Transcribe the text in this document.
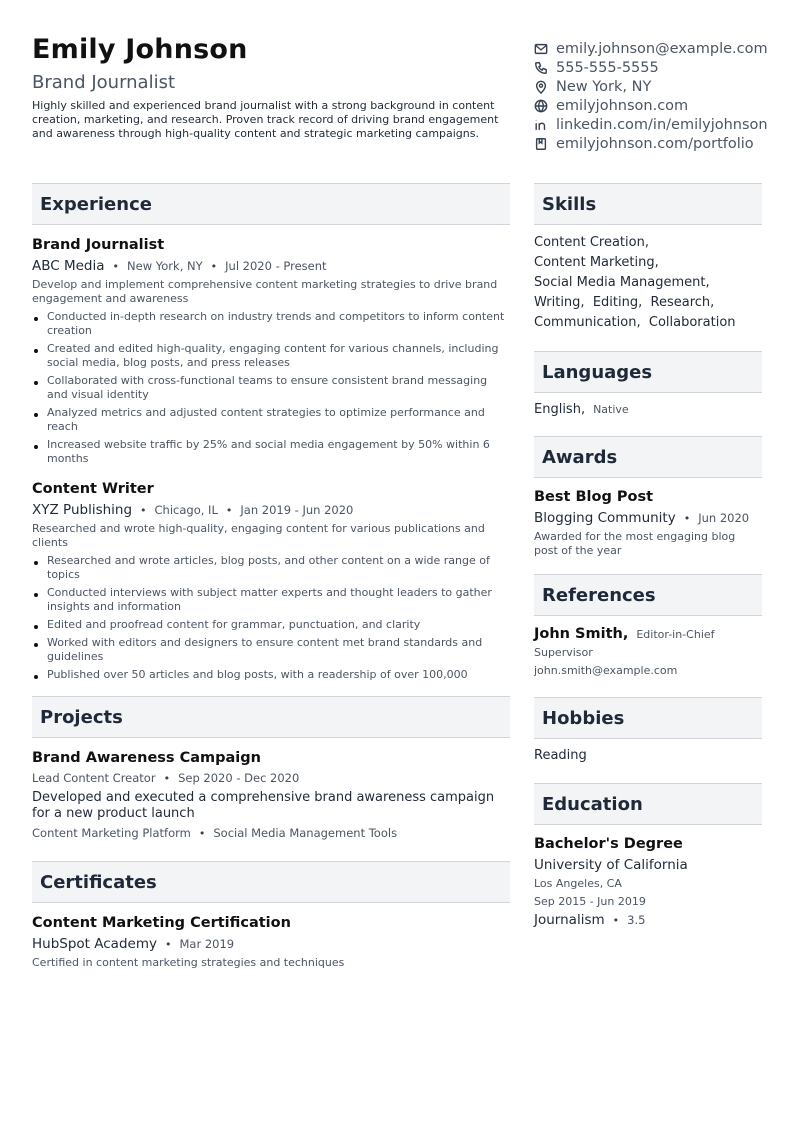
Emily Johnson
Brand Journalist
Highly skilled and experienced brand journalist with a strong background in content creation, marketing, and research. Proven track record of driving brand engagement and awareness through high-quality content and strategic marketing campaigns.
emily.johnson@example.com
555-555-5555
New York, NY
emilyjohnson.com
linkedin.com/in/emilyjohnson
emilyjohnson.com/portfolio
Experience
Brand Journalist
ABC Media • New York, NY • Jul 2020 - Present
Develop and implement comprehensive content marketing strategies to drive brand engagement and awareness
Conducted in-depth research on industry trends and competitors to inform content creation
Created and edited high-quality, engaging content for various channels, including social media, blog posts, and press releases
Collaborated with cross-functional teams to ensure consistent brand messaging and visual identity
Analyzed metrics and adjusted content strategies to optimize performance and reach
Increased website traffic by 25% and social media engagement by 50% within 6 months
Content Writer
XYZ Publishing • Chicago, IL • Jan 2019 - Jun 2020
Researched and wrote high-quality, engaging content for various publications and clients
Researched and wrote articles, blog posts, and other content on a wide range of topics
Conducted interviews with subject matter experts and thought leaders to gather insights and information
Edited and proofread content for grammar, punctuation, and clarity
Worked with editors and designers to ensure content met brand standards and guidelines
Published over 50 articles and blog posts, with a readership of over 100,000
Projects
Brand Awareness Campaign
Lead Content Creator • Sep 2020 - Dec 2020
Developed and executed a comprehensive brand awareness campaign for a new product launch
Content Marketing Platform • Social Media Management Tools
Certificates
Content Marketing Certification
HubSpot Academy • Mar 2019
Certified in content marketing strategies and techniques
Skills
Content Creation,
Content Marketing,
Social Media Management,
Writing, Editing, Research,
Communication, Collaboration
Languages
English, Native
Awards
Best Blog Post
Blogging Community • Jun 2020
Awarded for the most engaging blog post of the year
References
John Smith, Editor-in-Chief
Supervisor
john.smith@example.com
Hobbies
Reading
Education
Bachelor's Degree
University of California
Los Angeles, CA
Sep 2015 - Jun 2019
Journalism • 3.5
